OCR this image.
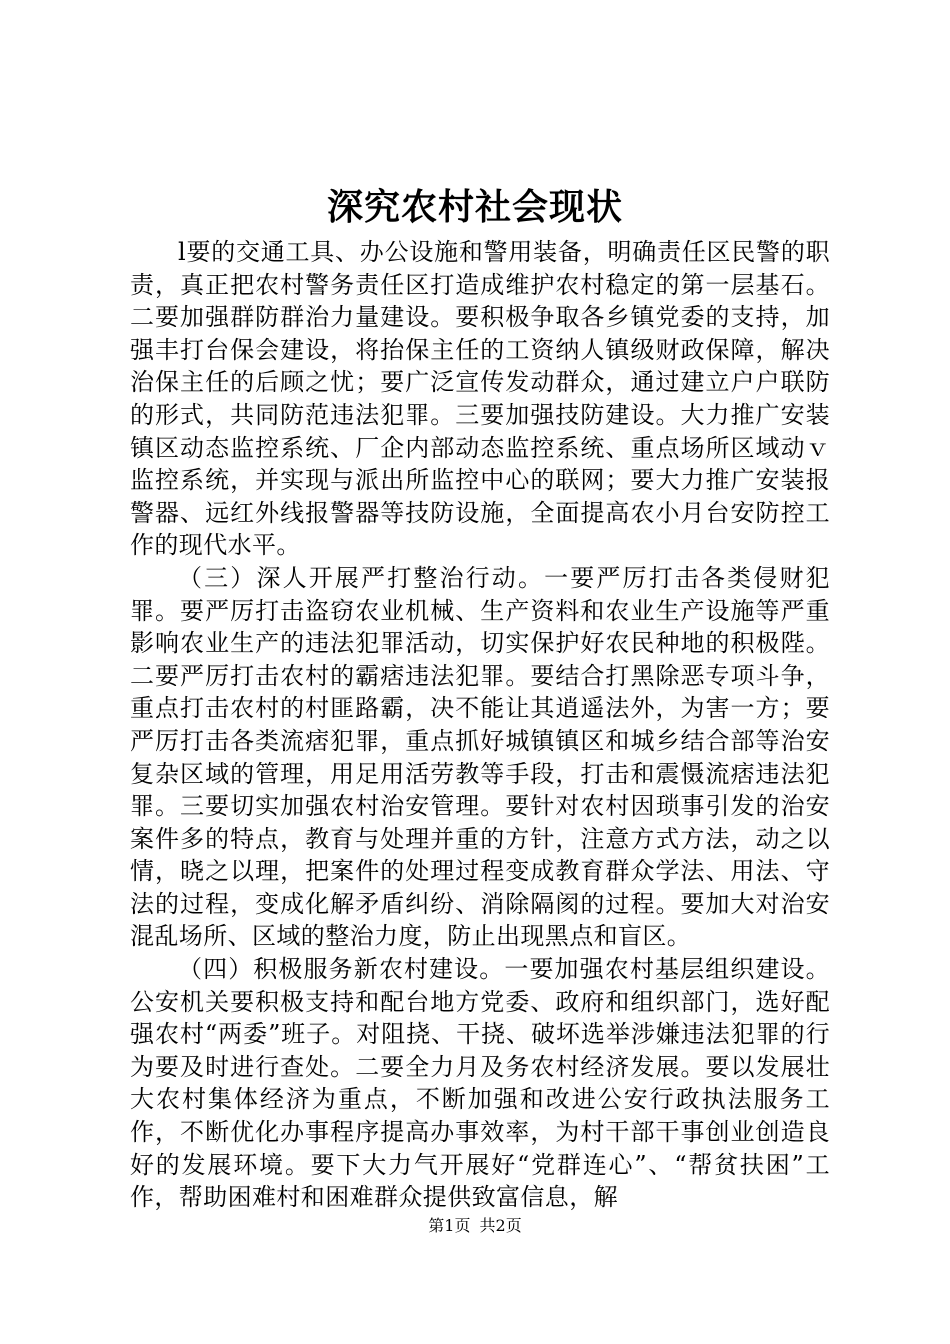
深究农村社会现状

l要的交通工具、办公设施和警用装备，明确责任区民警的职责，真正把农村警务责任区打造成维护农村稳定的第一层基石。二要加强群防群治力量建设。要积极争取各乡镇党委的支持，加强丰打台保会建设，将抬保主任的工资纳人镇级财政保障，解决治保主任的后顾之忧；要广泛宣传发动群众，通过建立户户联防的形式，共同防范违法犯罪。三要加强技防建设。大力推广安装镇区动态监控系统、厂企内部动态监控系统、重点场所区域动ｖ监控系统，并实现与派出所监控中心的联网；要大力推广安装报警器、远红外线报警器等技防设施，全面提高农小月台安防控工作的现代水平。

（三）深人开展严打整治行动。一要严厉打击各类侵财犯罪。要严厉打击盗窃农业机械、生产资料和农业生产设施等严重影响农业生产的违法犯罪活动，切实保护好农民种地的积极陛。二要严厉打击农村的霸痞违法犯罪。要结合打黑除恶专项斗争，重点打击农村的村匪路霸，决不能让其逍遥法外，为害一方；要严厉打击各类流痞犯罪，重点抓好城镇镇区和城乡结合部等治安复杂区域的管理，用足用活劳教等手段，打击和震慑流痞违法犯罪。三要切实加强农村治安管理。要针对农村因琐事引发的治安案件多的特点，教育与处理并重的方针，注意方式方法，动之以情，晓之以理，把案件的处理过程变成教育群众学法、用法、守法的过程，变成化解矛盾纠纷、消除隔阂的过程。要加大对治安混乱场所、区域的整治力度，防止出现黑点和盲区。

（四）积极服务新农村建设。一要加强农村基层组织建设。公安机关要积极支持和配台地方党委、政府和组织部门，选好配强农村“两委”班子。对阻挠、干挠、破坏选举涉嫌违法犯罪的行为要及时进行查处。二要全力月及务农村经济发展。要以发展壮大农村集体经济为重点，不断加强和改进公安行政执法服务工作，不断优化办事程序提高办事效率，为村干部干事创业创造良好的发展环境。要下大力气开展好“党群连心”、“帮贫扶困”工作，帮助困难村和困难群众提供致富信息，解

第1页 共2页
